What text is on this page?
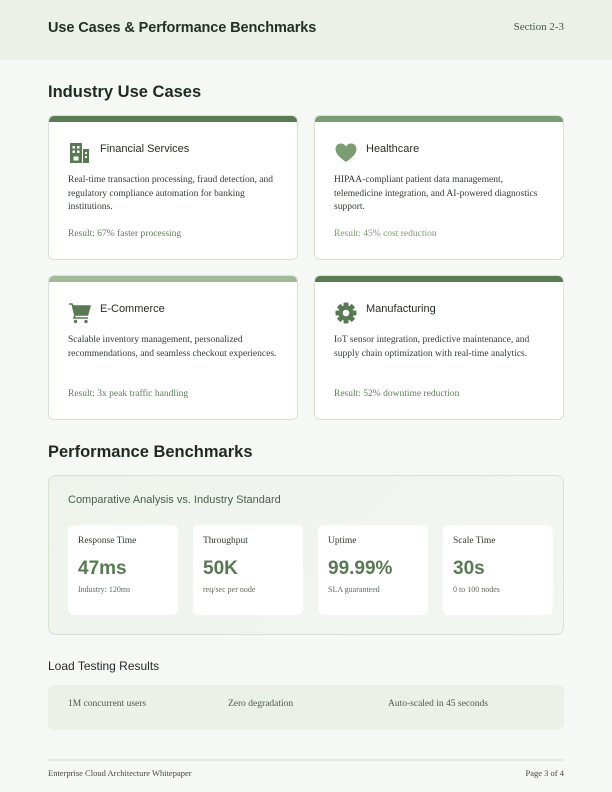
Use Cases & Performance Benchmarks	Section 2-3
Industry Use Cases
Financial Services
Real-time transaction processing, fraud detection, and regulatory compliance automation for banking institutions.
Result: 67% faster processing
Healthcare
HIPAA-compliant patient data management, telemedicine integration, and AI-powered diagnostics support.
Result: 45% cost reduction
E-Commerce
Scalable inventory management, personalized recommendations, and seamless checkout experiences.
Result: 3x peak traffic handling
Manufacturing
IoT sensor integration, predictive maintenance, and supply chain optimization with real-time analytics.
Result: 52% downtime reduction
Performance Benchmarks
Comparative Analysis vs. Industry Standard
Response Time
47ms
Industry: 120ms
Throughput
50K
req/sec per node
Uptime
99.99%
SLA guaranteed
Scale Time
30s
0 to 100 nodes
Load Testing Results
1M concurrent users	Zero degradation	Auto-scaled in 45 seconds
Enterprise Cloud Architecture Whitepaper	Page 3 of 4
